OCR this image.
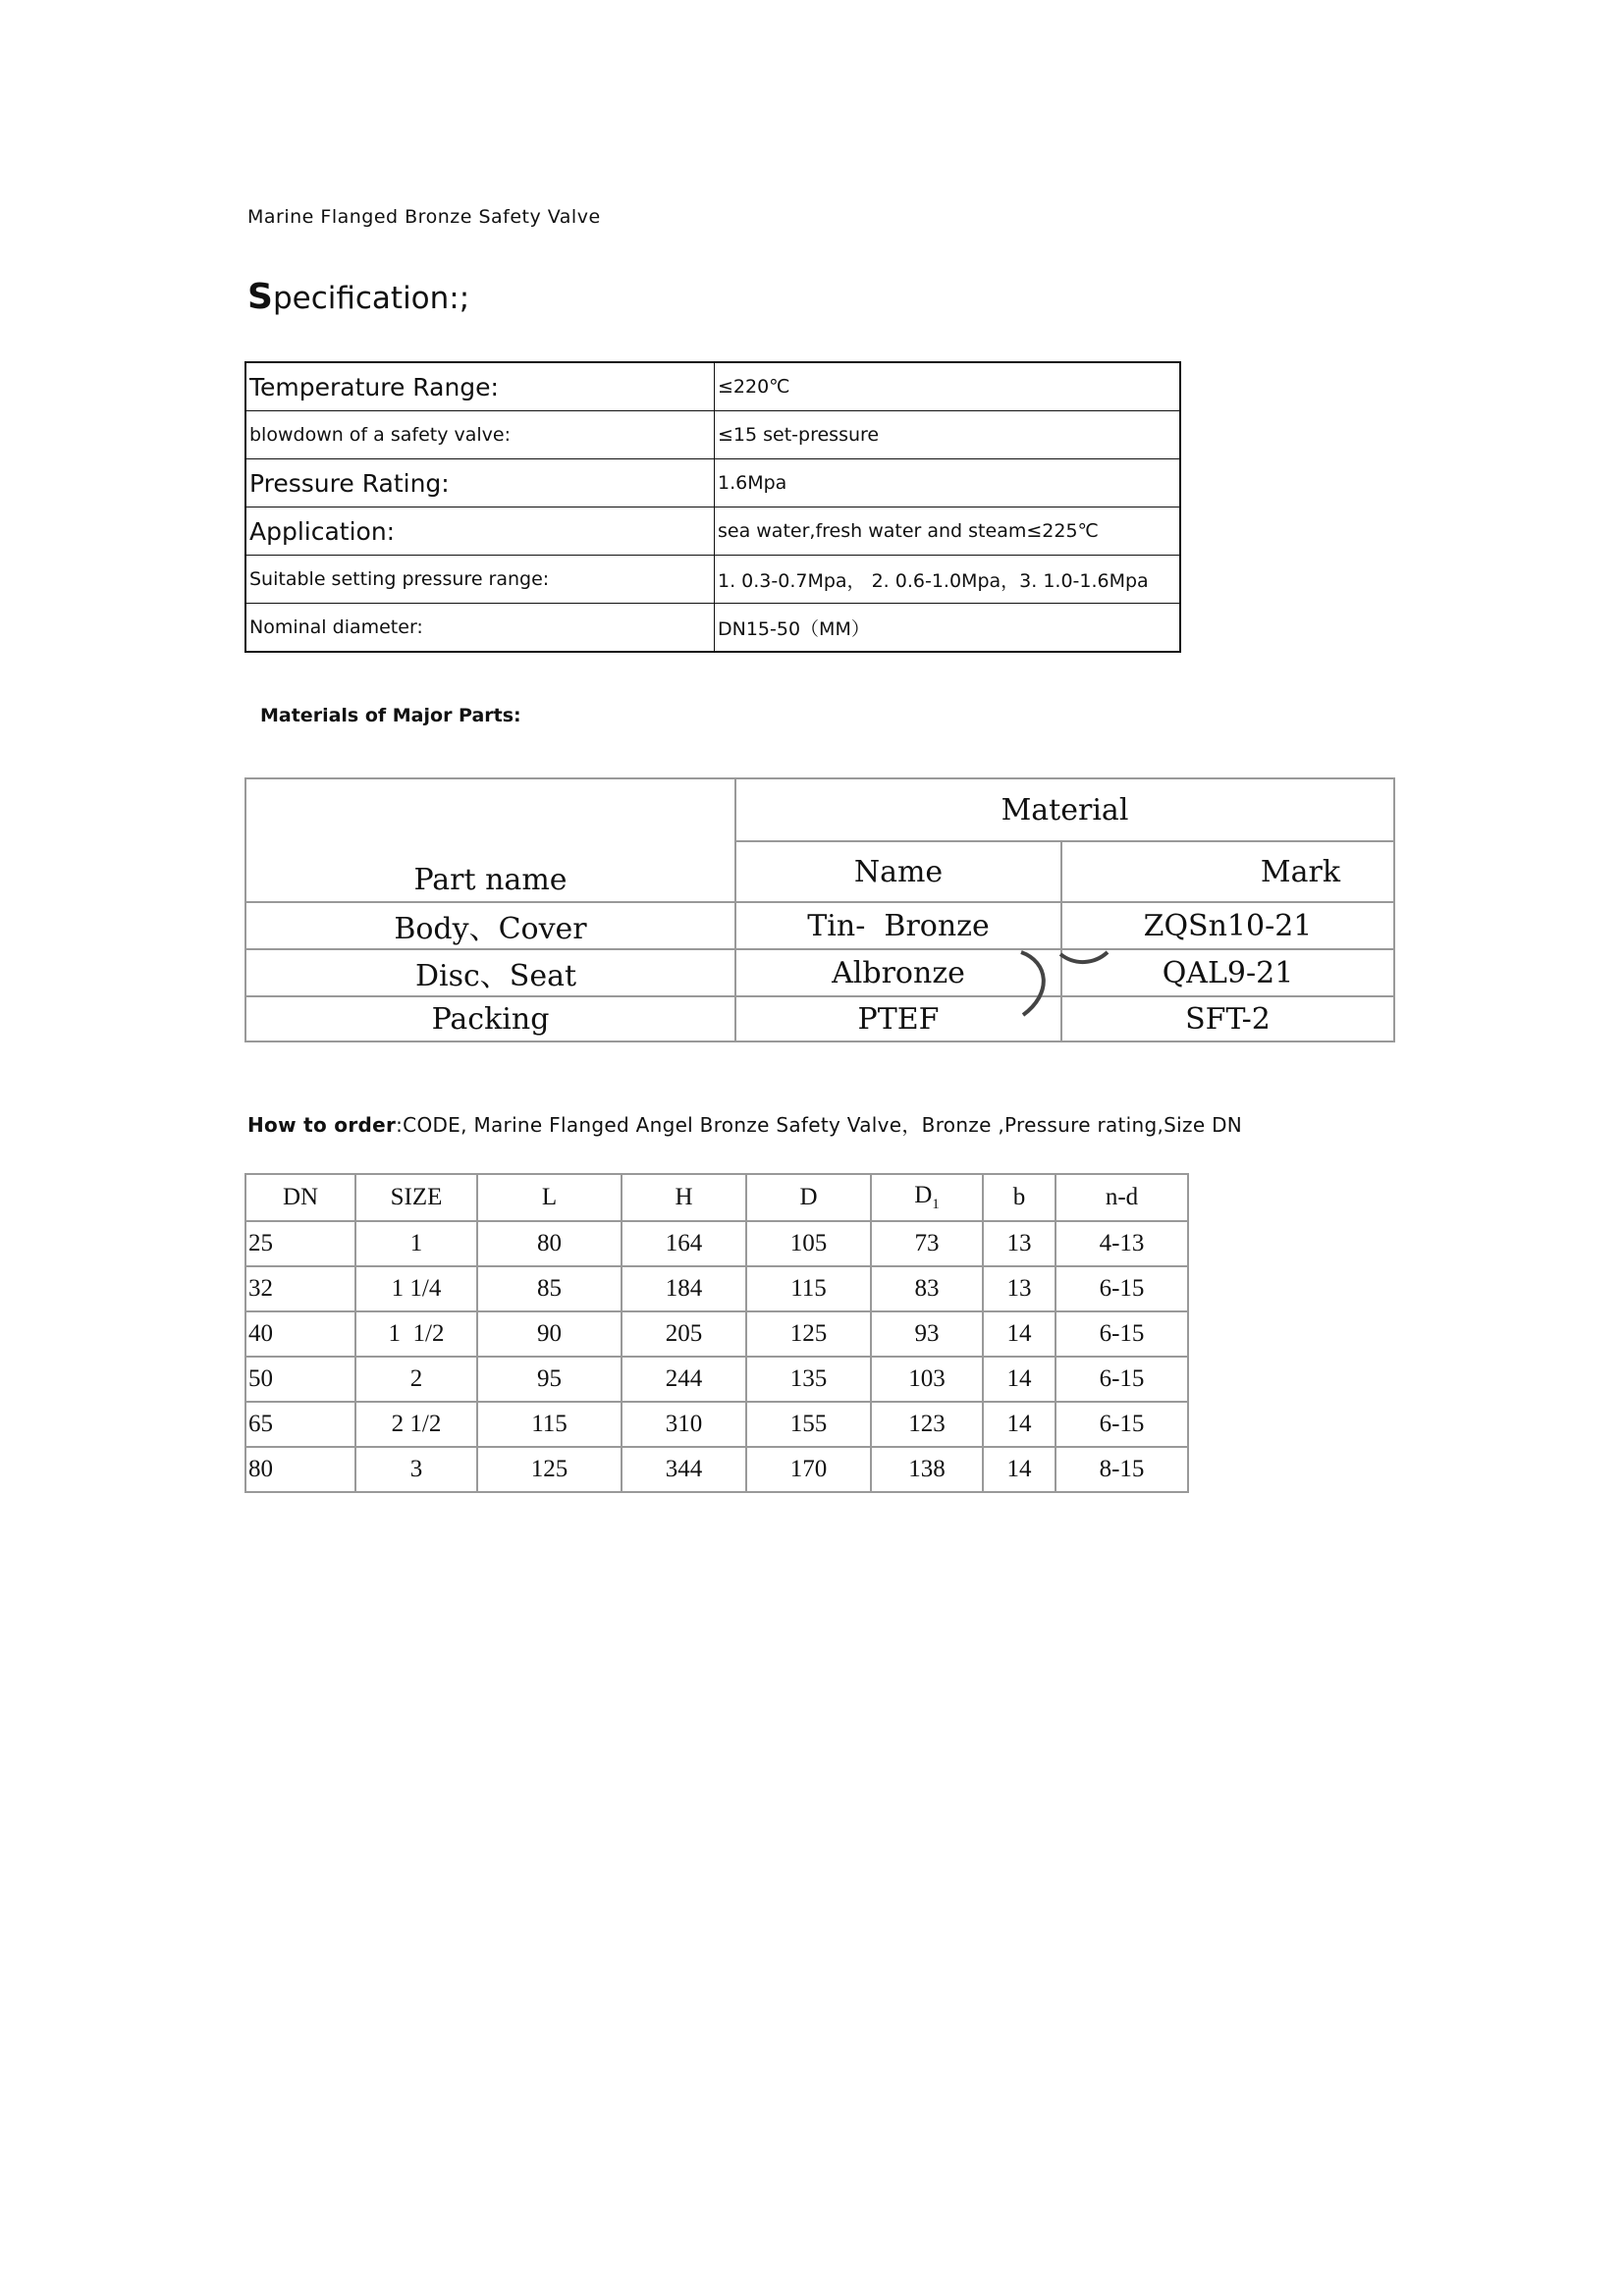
Marine Flanged Bronze Safety Valve
Specification:;
Temperature Range:	≤220℃
blowdown of a safety valve:	≤15 set-pressure
Pressure Rating:	1.6Mpa
Application:	sea water,fresh water and steam≤225℃
Suitable setting pressure range:	1. 0.3-0.7Mpa， 2. 0.6-1.0Mpa，3. 1.0-1.6Mpa
Nominal diameter:	DN15-50（MM）
Materials of Major Parts:
Part name	Material	
	Name	Mark
Body、Cover	Tin-  Bronze	ZQSn10-21
Disc、Seat	Albronze	QAL9-21
Packing	PTEF	SFT-2
How to order:CODE, Marine Flanged Angel Bronze Safety Valve，Bronze ,Pressure rating,Size DN
DN	SIZE	L	H	D	$D_1$	b	n-d
25	1	80	164	105	73	13	4-13
32	1 1/4	85	184	115	83	13	6-15
40	1  1/2	90	205	125	93	14	6-15
50	2	95	244	135	103	14	6-15
65	2 1/2	115	310	155	123	14	6-15
80	3	125	344	170	138	14	8-15
